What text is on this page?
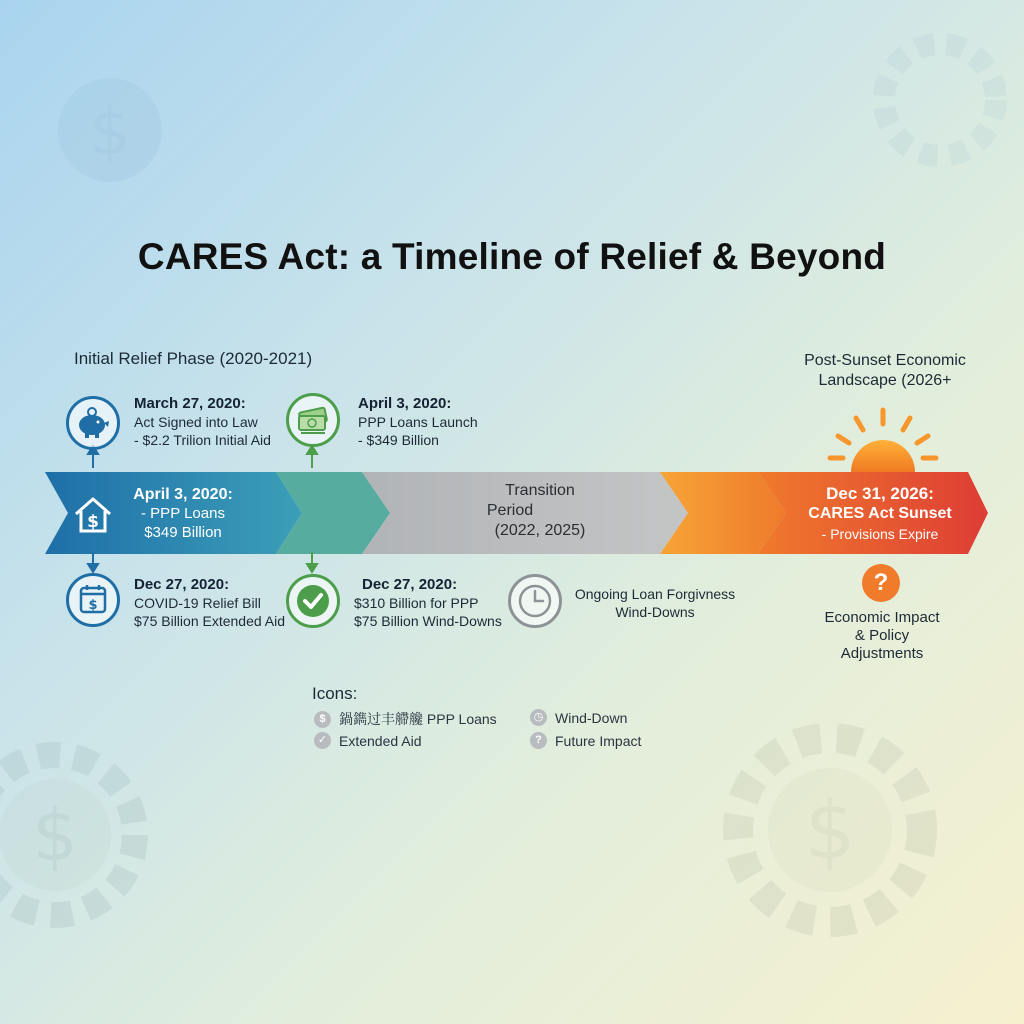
$	$
$
CARES Act: a Timeline of Relief & Beyond
Initial Relief Phase (2020-2021)	Post-Sunset Economic
Landscape (2026+
$
April 3, 2020:
- PPP Loans
$349 Billion
Transition
Period
(2022, 2025)
Dec 31, 2026:
CARES Act Sunset
- Provisions Expire
March 27, 2020:
Act Signed into Law
- $2.2 Trilion Initial Aid
April 3, 2020:
PPP Loans Launch
- $349 Billion
$
Dec 27, 2020:
COVID-19 Relief Bill
$75 Billion Extended Aid
Dec 27, 2020:
$310 Billion for PPP
$75 Billion Wind-Downs
Ongoing Loan Forgivness
Wind-Downs
?
Economic Impact
& Policy
Adjustments
Icons:
$ 鍋鐫过丰艜艬 PPP Loans	◷ Wind-Down
✓ Extended Aid	? Future Impact
